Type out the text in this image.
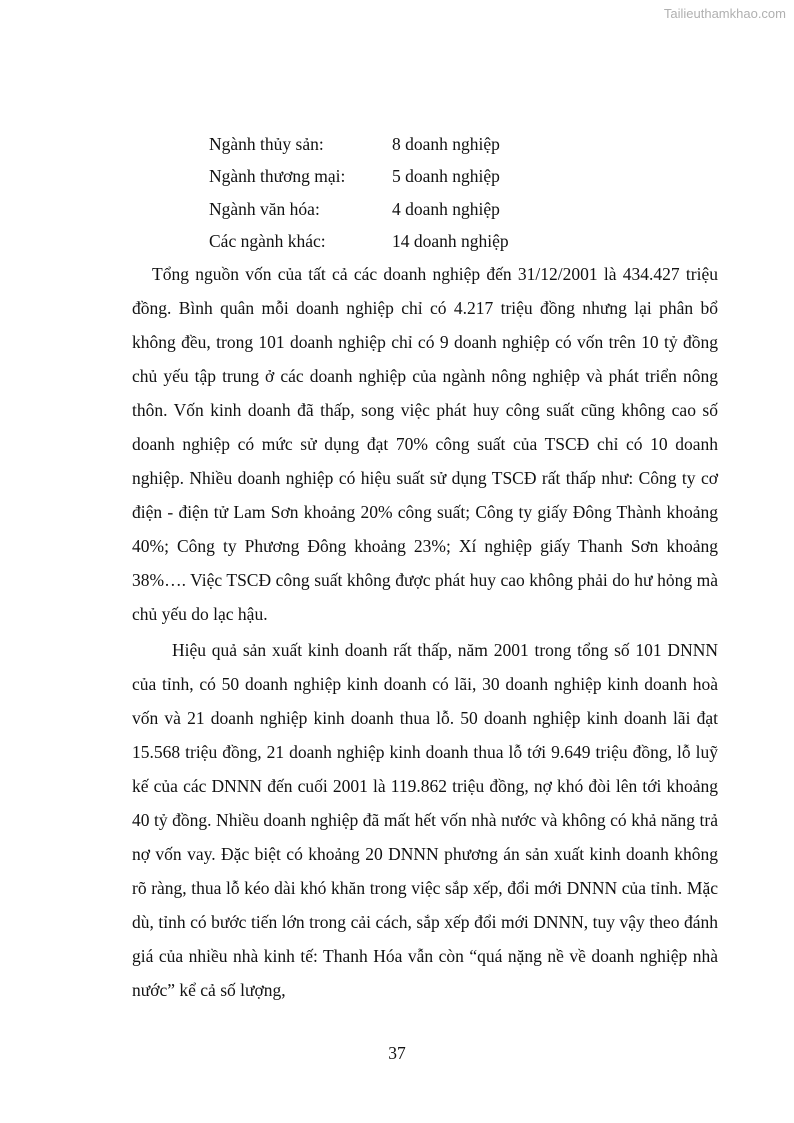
Tailieuthamkhao.com
Ngành thủy sản:	8 doanh nghiệp
Ngành thương mại:	5 doanh nghiệp
Ngành văn hóa:	4 doanh nghiệp
Các ngành khác:	14 doanh nghiệp

Tổng nguồn vốn của tất cả các doanh nghiệp đến 31/12/2001 là 434.427 triệu đồng. Bình quân mỗi doanh nghiệp chỉ có 4.217 triệu đồng nhưng lại phân bổ không đều, trong 101 doanh nghiệp chỉ có 9 doanh nghiệp có vốn trên 10 tỷ đồng chủ yếu tập trung ở các doanh nghiệp của ngành nông nghiệp và phát triển nông thôn. Vốn kinh doanh đã thấp, song việc phát huy công suất cũng không cao số doanh nghiệp có mức sử dụng đạt 70% công suất của TSCĐ chỉ có 10 doanh nghiệp. Nhiều doanh nghiệp có hiệu suất sử dụng TSCĐ rất thấp như: Công ty cơ điện - điện tử Lam Sơn khoảng 20% công suất; Công ty giấy Đông Thành khoảng 40%; Công ty Phương Đông khoảng 23%; Xí nghiệp giấy Thanh Sơn khoảng 38%…. Việc TSCĐ công suất không được phát huy cao không phải do hư hỏng mà chủ yếu do lạc hậu.

Hiệu quả sản xuất kinh doanh rất thấp, năm 2001 trong tổng số 101 DNNN của tỉnh, có 50 doanh nghiệp kinh doanh có lãi, 30 doanh nghiệp kinh doanh hoà vốn và 21 doanh nghiệp kinh doanh thua lỗ. 50 doanh nghiệp kinh doanh lãi đạt 15.568 triệu đồng, 21 doanh nghiệp kinh doanh thua lỗ tới 9.649 triệu đồng, lỗ luỹ kế của các DNNN đến cuối 2001 là 119.862 triệu đồng, nợ khó đòi lên tới khoảng 40 tỷ đồng. Nhiều doanh nghiệp đã mất hết vốn nhà nước và không có khả năng trả nợ vốn vay. Đặc biệt có khoảng 20 DNNN phương án sản xuất kinh doanh không rõ ràng, thua lỗ kéo dài khó khăn trong việc sắp xếp, đổi mới DNNN của tỉnh. Mặc dù, tỉnh có bước tiến lớn trong cải cách, sắp xếp đổi mới DNNN, tuy vậy theo đánh giá của nhiều nhà kinh tế: Thanh Hóa vẫn còn “quá nặng nề về doanh nghiệp nhà nước” kể cả số lượng,

37
